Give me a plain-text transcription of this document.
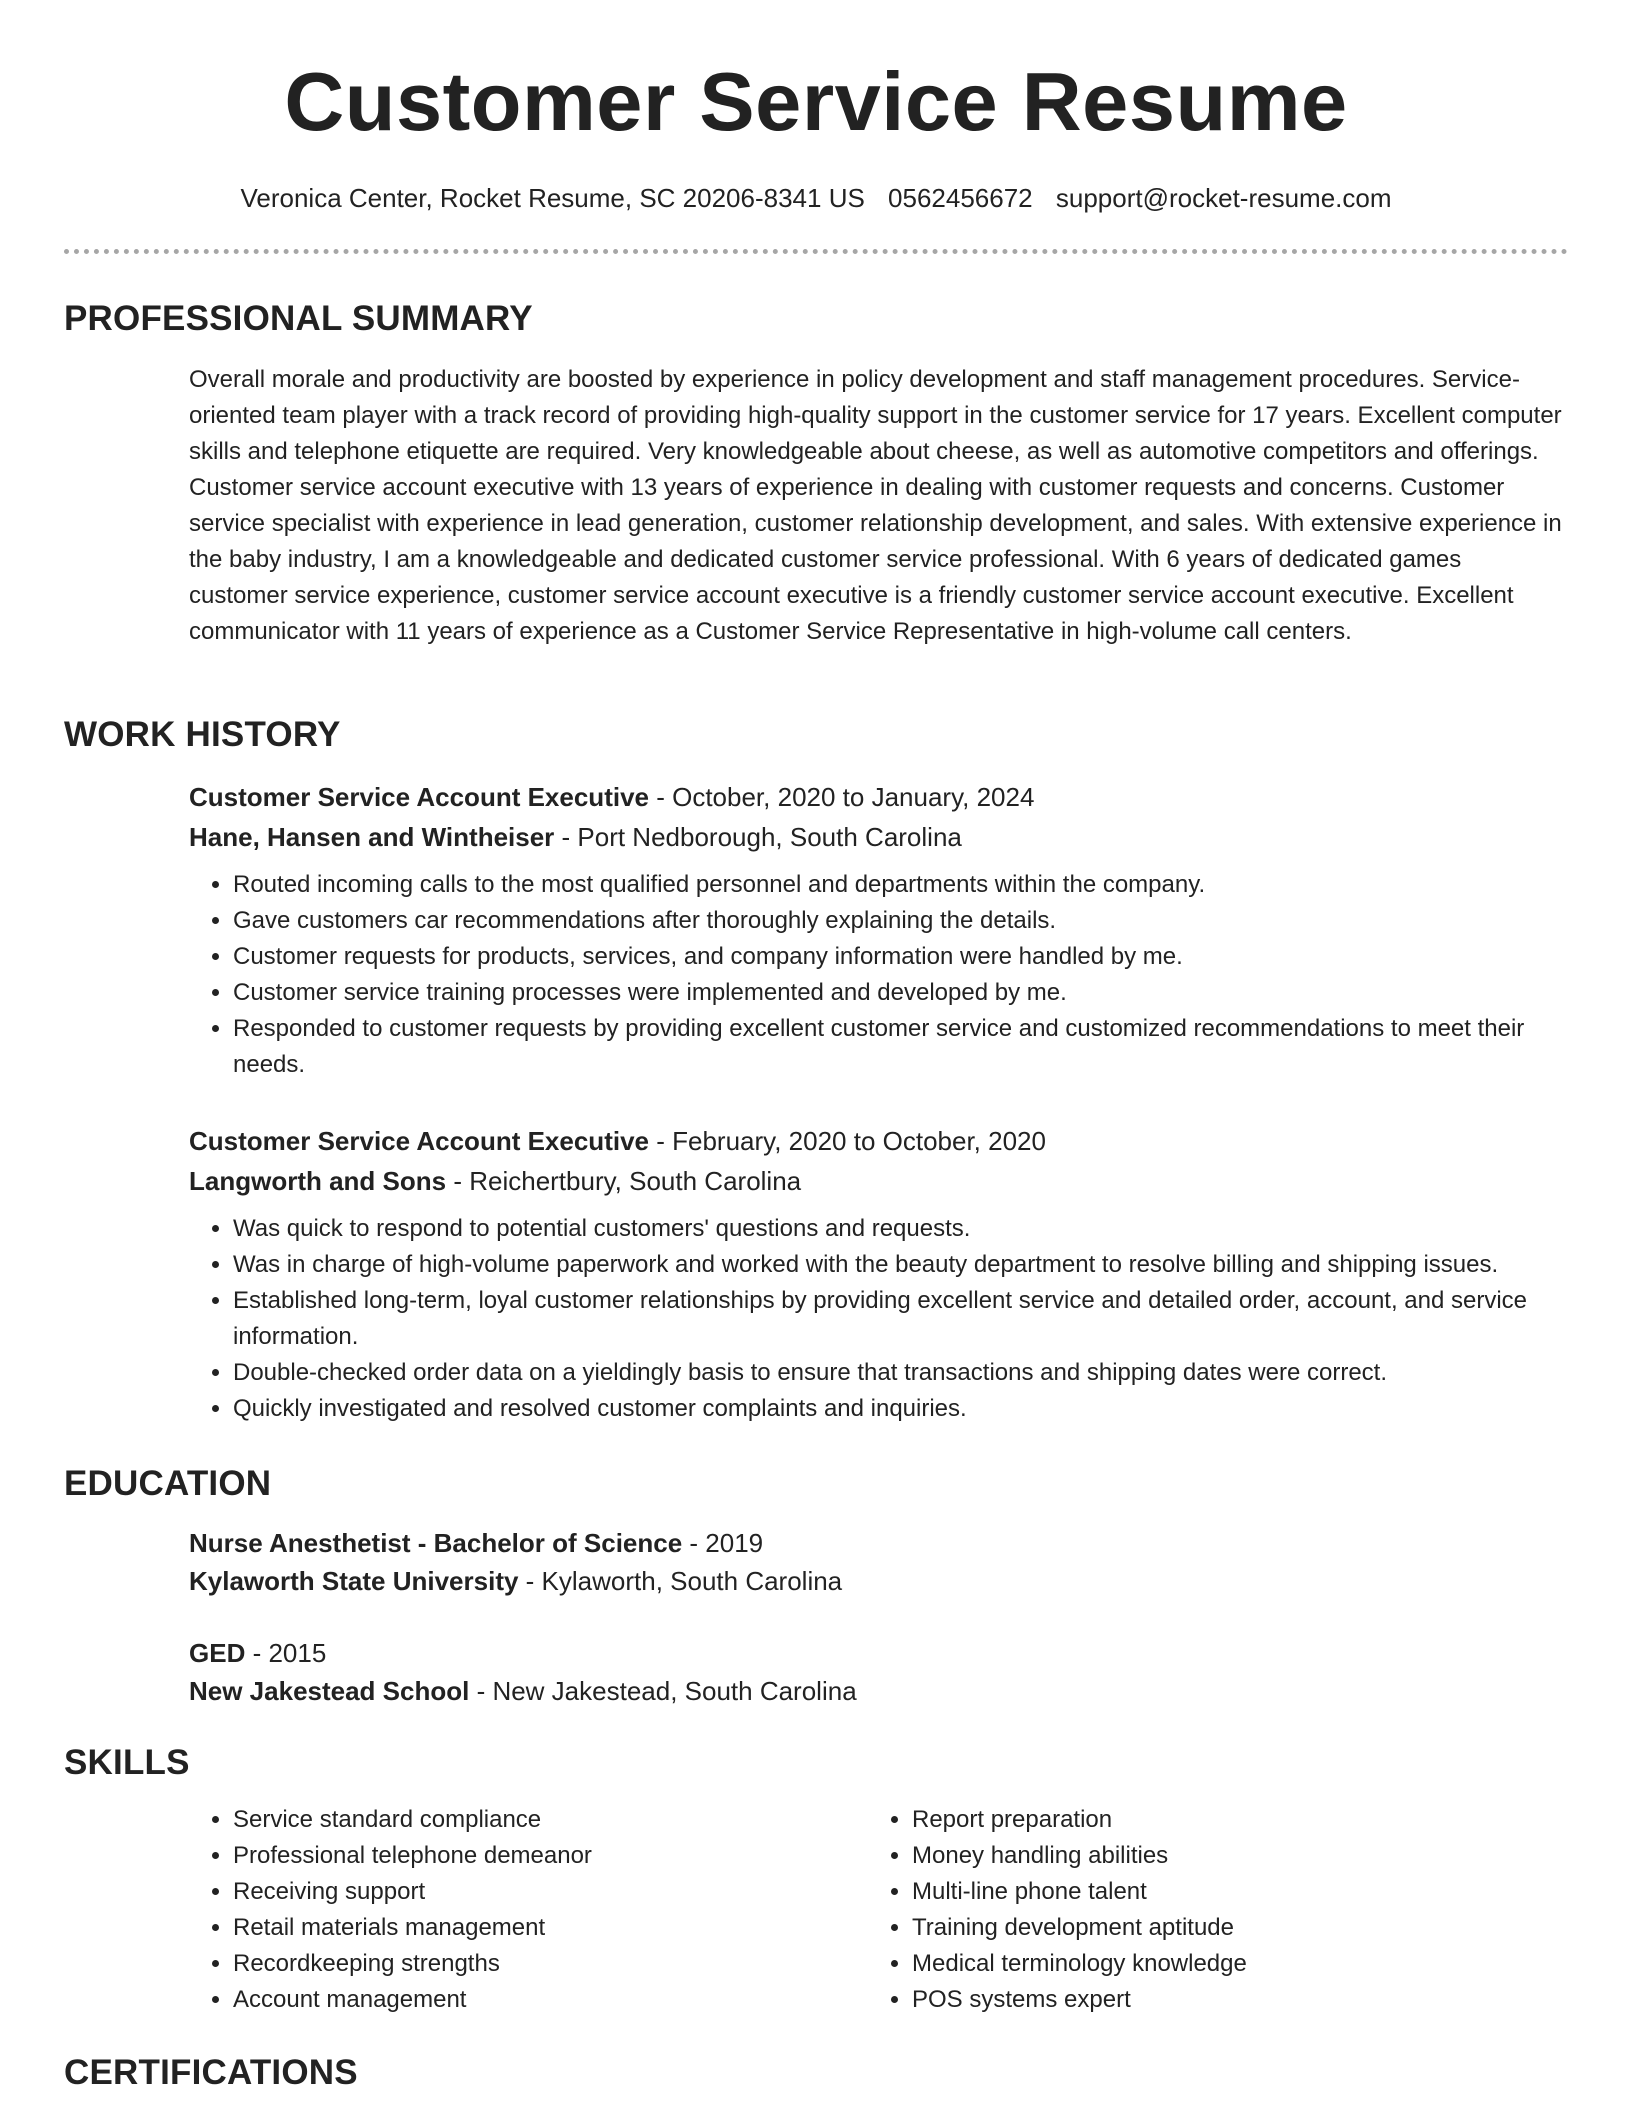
Customer Service Resume
Veronica Center, Rocket Resume, SC 20206-8341 US 0562456672 support@rocket-resume.com
PROFESSIONAL SUMMARY

Overall morale and productivity are boosted by experience in policy development and staff management procedures. Service-oriented team player with a track record of providing high-quality support in the customer service for 17 years. Excellent computer skills and telephone etiquette are required. Very knowledgeable about cheese, as well as automotive competitors and offerings. Customer service account executive with 13 years of experience in dealing with customer requests and concerns. Customer service specialist with experience in lead generation, customer relationship development, and sales. With extensive experience in the baby industry, I am a knowledgeable and dedicated customer service professional. With 6 years of dedicated games customer service experience, customer service account executive is a friendly customer service account executive. Excellent communicator with 11 years of experience as a Customer Service Representative in high-volume call centers.

WORK HISTORY
Customer Service Account Executive - October, 2020 to January, 2024
Hane, Hansen and Wintheiser - Port Nedborough, South Carolina
• Routed incoming calls to the most qualified personnel and departments within the company.
• Gave customers car recommendations after thoroughly explaining the details.
• Customer requests for products, services, and company information were handled by me.
• Customer service training processes were implemented and developed by me.
• Responded to customer requests by providing excellent customer service and customized recommendations to meet their needs.
Customer Service Account Executive - February, 2020 to October, 2020
Langworth and Sons - Reichertbury, South Carolina
• Was quick to respond to potential customers' questions and requests.
• Was in charge of high-volume paperwork and worked with the beauty department to resolve billing and shipping issues.
• Established long-term, loyal customer relationships by providing excellent service and detailed order, account, and service information.
• Double-checked order data on a yieldingly basis to ensure that transactions and shipping dates were correct.
• Quickly investigated and resolved customer complaints and inquiries.
EDUCATION
Nurse Anesthetist - Bachelor of Science - 2019
Kylaworth State University - Kylaworth, South Carolina
GED - 2015
New Jakestead School - New Jakestead, South Carolina
SKILLS
• Service standard compliance
• Professional telephone demeanor
• Receiving support
• Retail materials management
• Recordkeeping strengths
• Account management
• Report preparation
• Money handling abilities
• Multi-line phone talent
• Training development aptitude
• Medical terminology knowledge
• POS systems expert
CERTIFICATIONS
